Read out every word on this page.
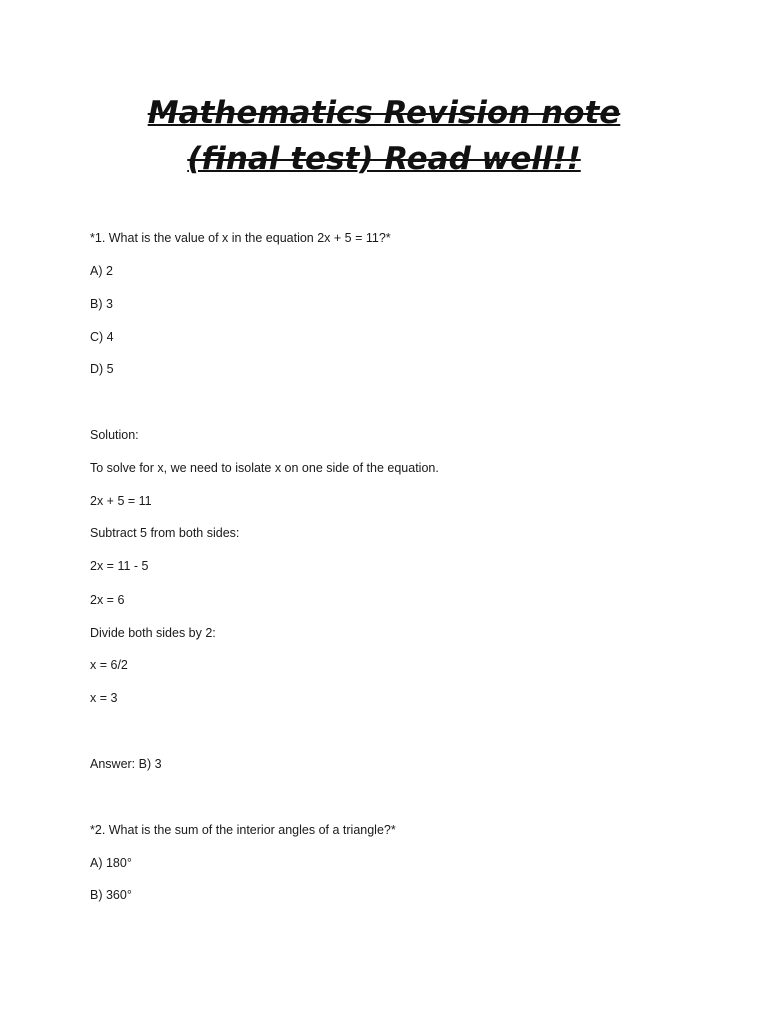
Mathematics Revision note
(final test) Read well!!

*1. What is the value of x in the equation 2x + 5 = 11?*

A) 2

B) 3

C) 4

D) 5

Solution:

To solve for x, we need to isolate x on one side of the equation.

2x + 5 = 11

Subtract 5 from both sides:

2x = 11 - 5

2x = 6

Divide both sides by 2:

x = 6/2

x = 3

Answer: B) 3

*2. What is the sum of the interior angles of a triangle?*

A) 180°

B) 360°
